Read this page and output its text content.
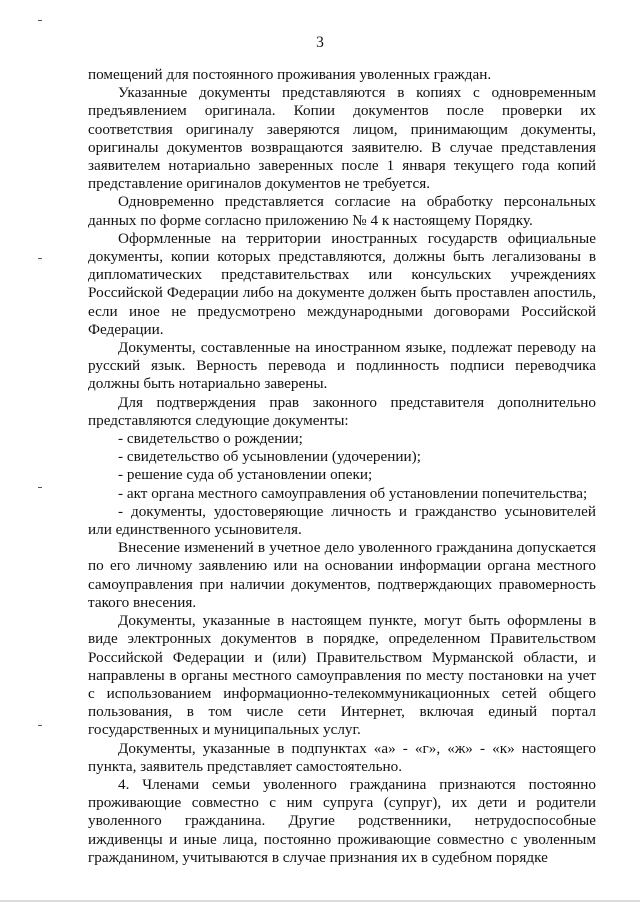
3

помещений для постоянного проживания уволенных граждан.

Указанные документы представляются в копиях с одновременным предъявлением оригинала. Копии документов после проверки их соответствия оригиналу заверяются лицом, принимающим документы, оригиналы документов возвращаются заявителю. В случае представления заявителем нотариально заверенных после 1 января текущего года копий представление оригиналов документов не требуется.

Одновременно представляется согласие на обработку персональных данных по форме согласно приложению № 4 к настоящему Порядку.

Оформленные на территории иностранных государств официальные документы, копии которых представляются, должны быть легализованы в дипломатических представительствах или консульских учреждениях Российской Федерации либо на документе должен быть проставлен апостиль, если иное не предусмотрено международными договорами Российской Федерации.

Документы, составленные на иностранном языке, подлежат переводу на русский язык. Верность перевода и подлинность подписи переводчика должны быть нотариально заверены.

Для подтверждения прав законного представителя дополнительно представляются следующие документы:

- свидетельство о рождении;

- свидетельство об усыновлении (удочерении);

- решение суда об установлении опеки;

- акт органа местного самоуправления об установлении попечительства;

- документы, удостоверяющие личность и гражданство усыновителей или единственного усыновителя.

Внесение изменений в учетное дело уволенного гражданина допускается по его личному заявлению или на основании информации органа местного самоуправления при наличии документов, подтверждающих правомерность такого внесения.

Документы, указанные в настоящем пункте, могут быть оформлены в виде электронных документов в порядке, определенном Правительством Российской Федерации и (или) Правительством Мурманской области, и направлены в органы местного самоуправления по месту постановки на учет с использованием информационно-телекоммуникационных сетей общего пользования, в том числе сети Интернет, включая единый портал государственных и муниципальных услуг.

Документы, указанные в подпунктах «а» - «г», «ж» - «к» настоящего пункта, заявитель представляет самостоятельно.

4. Членами семьи уволенного гражданина признаются постоянно проживающие совместно с ним супруга (супруг), их дети и родители уволенного гражданина. Другие родственники, нетрудоспособные иждивенцы и иные лица, постоянно проживающие совместно с уволенным гражданином, учитываются в случае признания их в судебном порядке
